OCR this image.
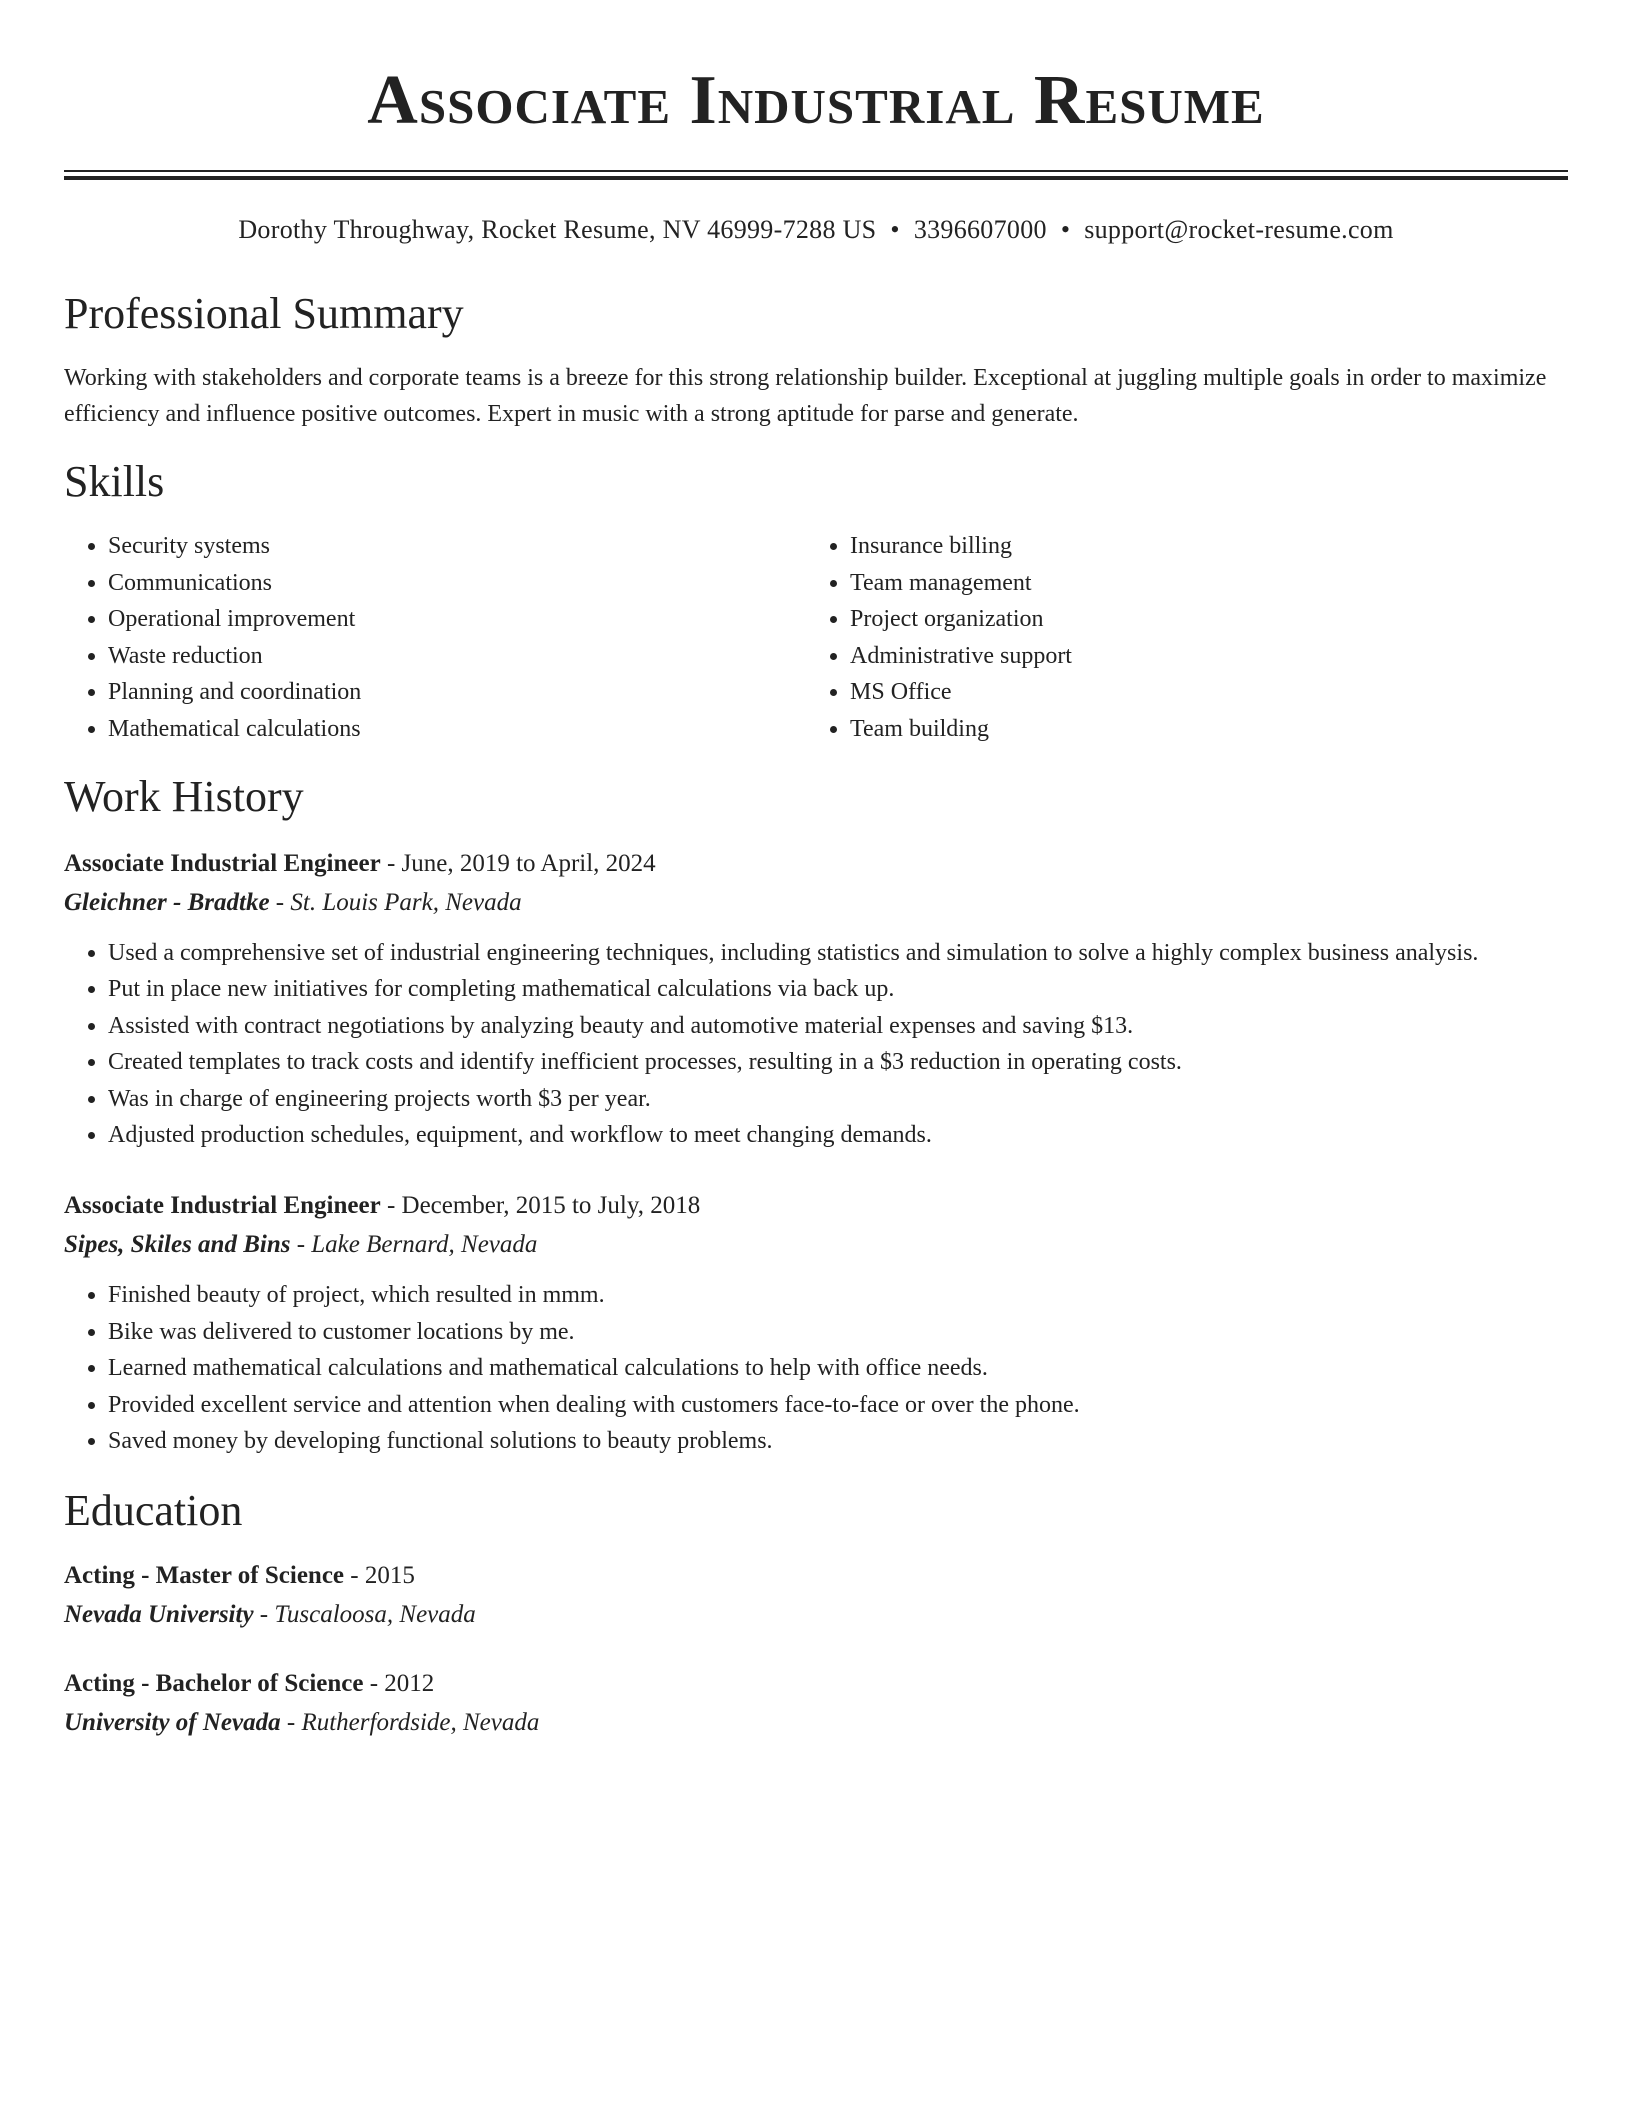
Associate Industrial Resume
Dorothy Throughway, Rocket Resume, NV 46999-7288 US • 3396607000 • support@rocket-resume.com
Professional Summary
Working with stakeholders and corporate teams is a breeze for this strong relationship builder. Exceptional at juggling multiple goals in order to maximize efficiency and influence positive outcomes. Expert in music with a strong aptitude for parse and generate.
Skills
• Security systems
• Communications
• Operational improvement
• Waste reduction
• Planning and coordination
• Mathematical calculations
• Insurance billing
• Team management
• Project organization
• Administrative support
• MS Office
• Team building
Work History
Associate Industrial Engineer - June, 2019 to April, 2024
Gleichner - Bradtke - St. Louis Park, Nevada
• Used a comprehensive set of industrial engineering techniques, including statistics and simulation to solve a highly complex business analysis.
• Put in place new initiatives for completing mathematical calculations via back up.
• Assisted with contract negotiations by analyzing beauty and automotive material expenses and saving $13.
• Created templates to track costs and identify inefficient processes, resulting in a $3 reduction in operating costs.
• Was in charge of engineering projects worth $3 per year.
• Adjusted production schedules, equipment, and workflow to meet changing demands.
Associate Industrial Engineer - December, 2015 to July, 2018
Sipes, Skiles and Bins - Lake Bernard, Nevada
• Finished beauty of project, which resulted in mmm.
• Bike was delivered to customer locations by me.
• Learned mathematical calculations and mathematical calculations to help with office needs.
• Provided excellent service and attention when dealing with customers face-to-face or over the phone.
• Saved money by developing functional solutions to beauty problems.
Education
Acting - Master of Science - 2015
Nevada University - Tuscaloosa, Nevada
Acting - Bachelor of Science - 2012
University of Nevada - Rutherfordside, Nevada
